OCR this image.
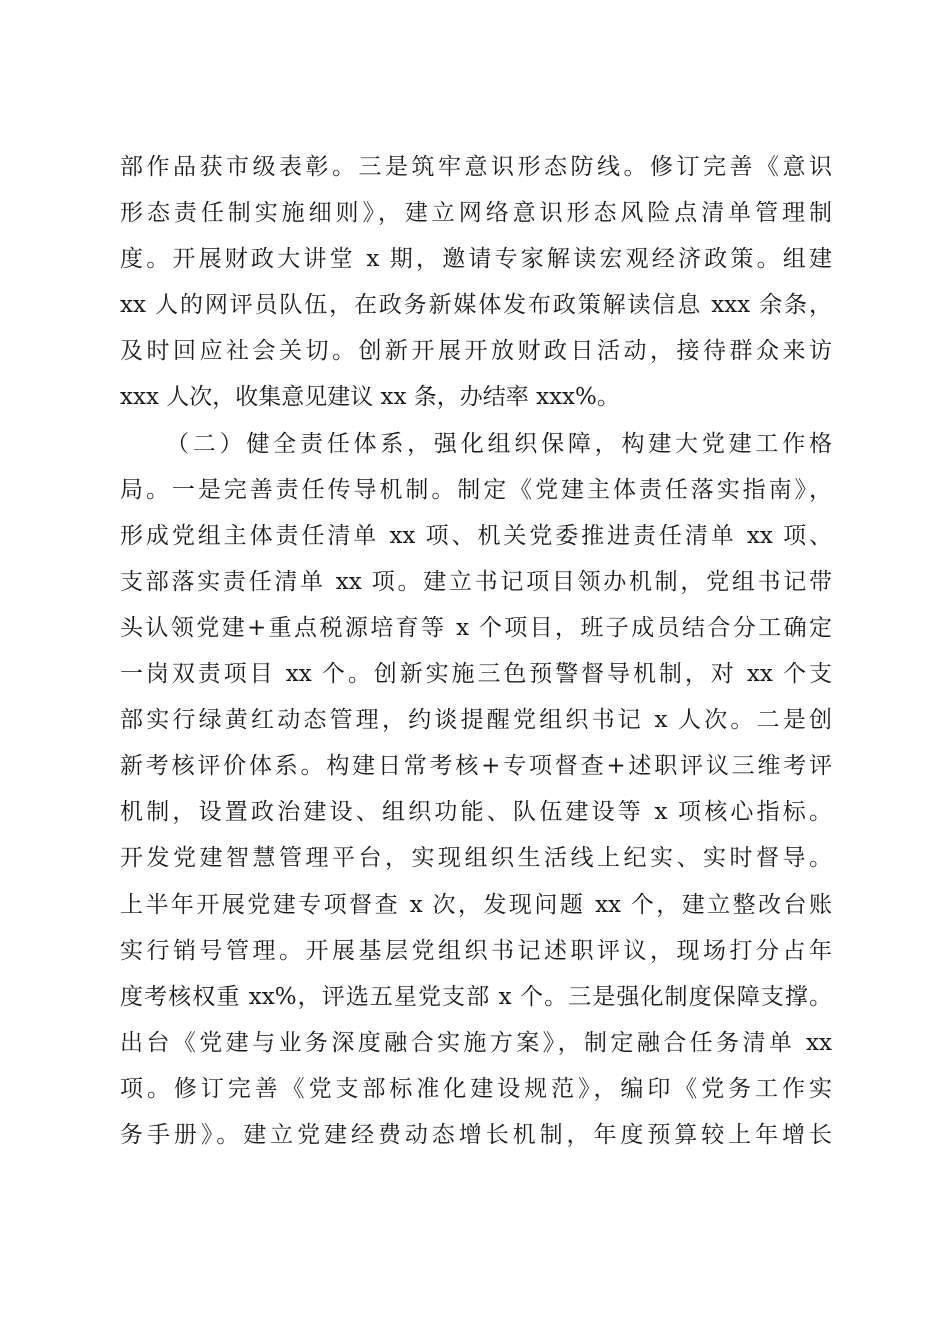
部作品获市级表彰。三是筑牢意识形态防线。修订完善《意识
形态责任制实施细则》，建立网络意识形态风险点清单管理制
度。开展财政大讲堂 x 期，邀请专家解读宏观经济政策。组建
xx 人的网评员队伍，在政务新媒体发布政策解读信息 xxx 余条，
及时回应社会关切。创新开展开放财政日活动，接待群众来访
xxx 人次，收集意见建议 xx 条，办结率 xxx%。
（二）健全责任体系，强化组织保障，构建大党建工作格
局。一是完善责任传导机制。制定《党建主体责任落实指南》，
形成党组主体责任清单 xx 项、机关党委推进责任清单 xx 项、
支部落实责任清单 xx 项。建立书记项目领办机制，党组书记带
头认领党建+重点税源培育等 x 个项目，班子成员结合分工确定
一岗双责项目 xx 个。创新实施三色预警督导机制，对 xx 个支
部实行绿黄红动态管理，约谈提醒党组织书记 x 人次。二是创
新考核评价体系。构建日常考核+专项督查+述职评议三维考评
机制，设置政治建设、组织功能、队伍建设等 x 项核心指标。
开发党建智慧管理平台，实现组织生活线上纪实、实时督导。
上半年开展党建专项督查 x 次，发现问题 xx 个，建立整改台账
实行销号管理。开展基层党组织书记述职评议，现场打分占年
度考核权重 xx%，评选五星党支部 x 个。三是强化制度保障支撑。
出台《党建与业务深度融合实施方案》，制定融合任务清单 xx
项。修订完善《党支部标准化建设规范》，编印《党务工作实
务手册》。建立党建经费动态增长机制，年度预算较上年增长
